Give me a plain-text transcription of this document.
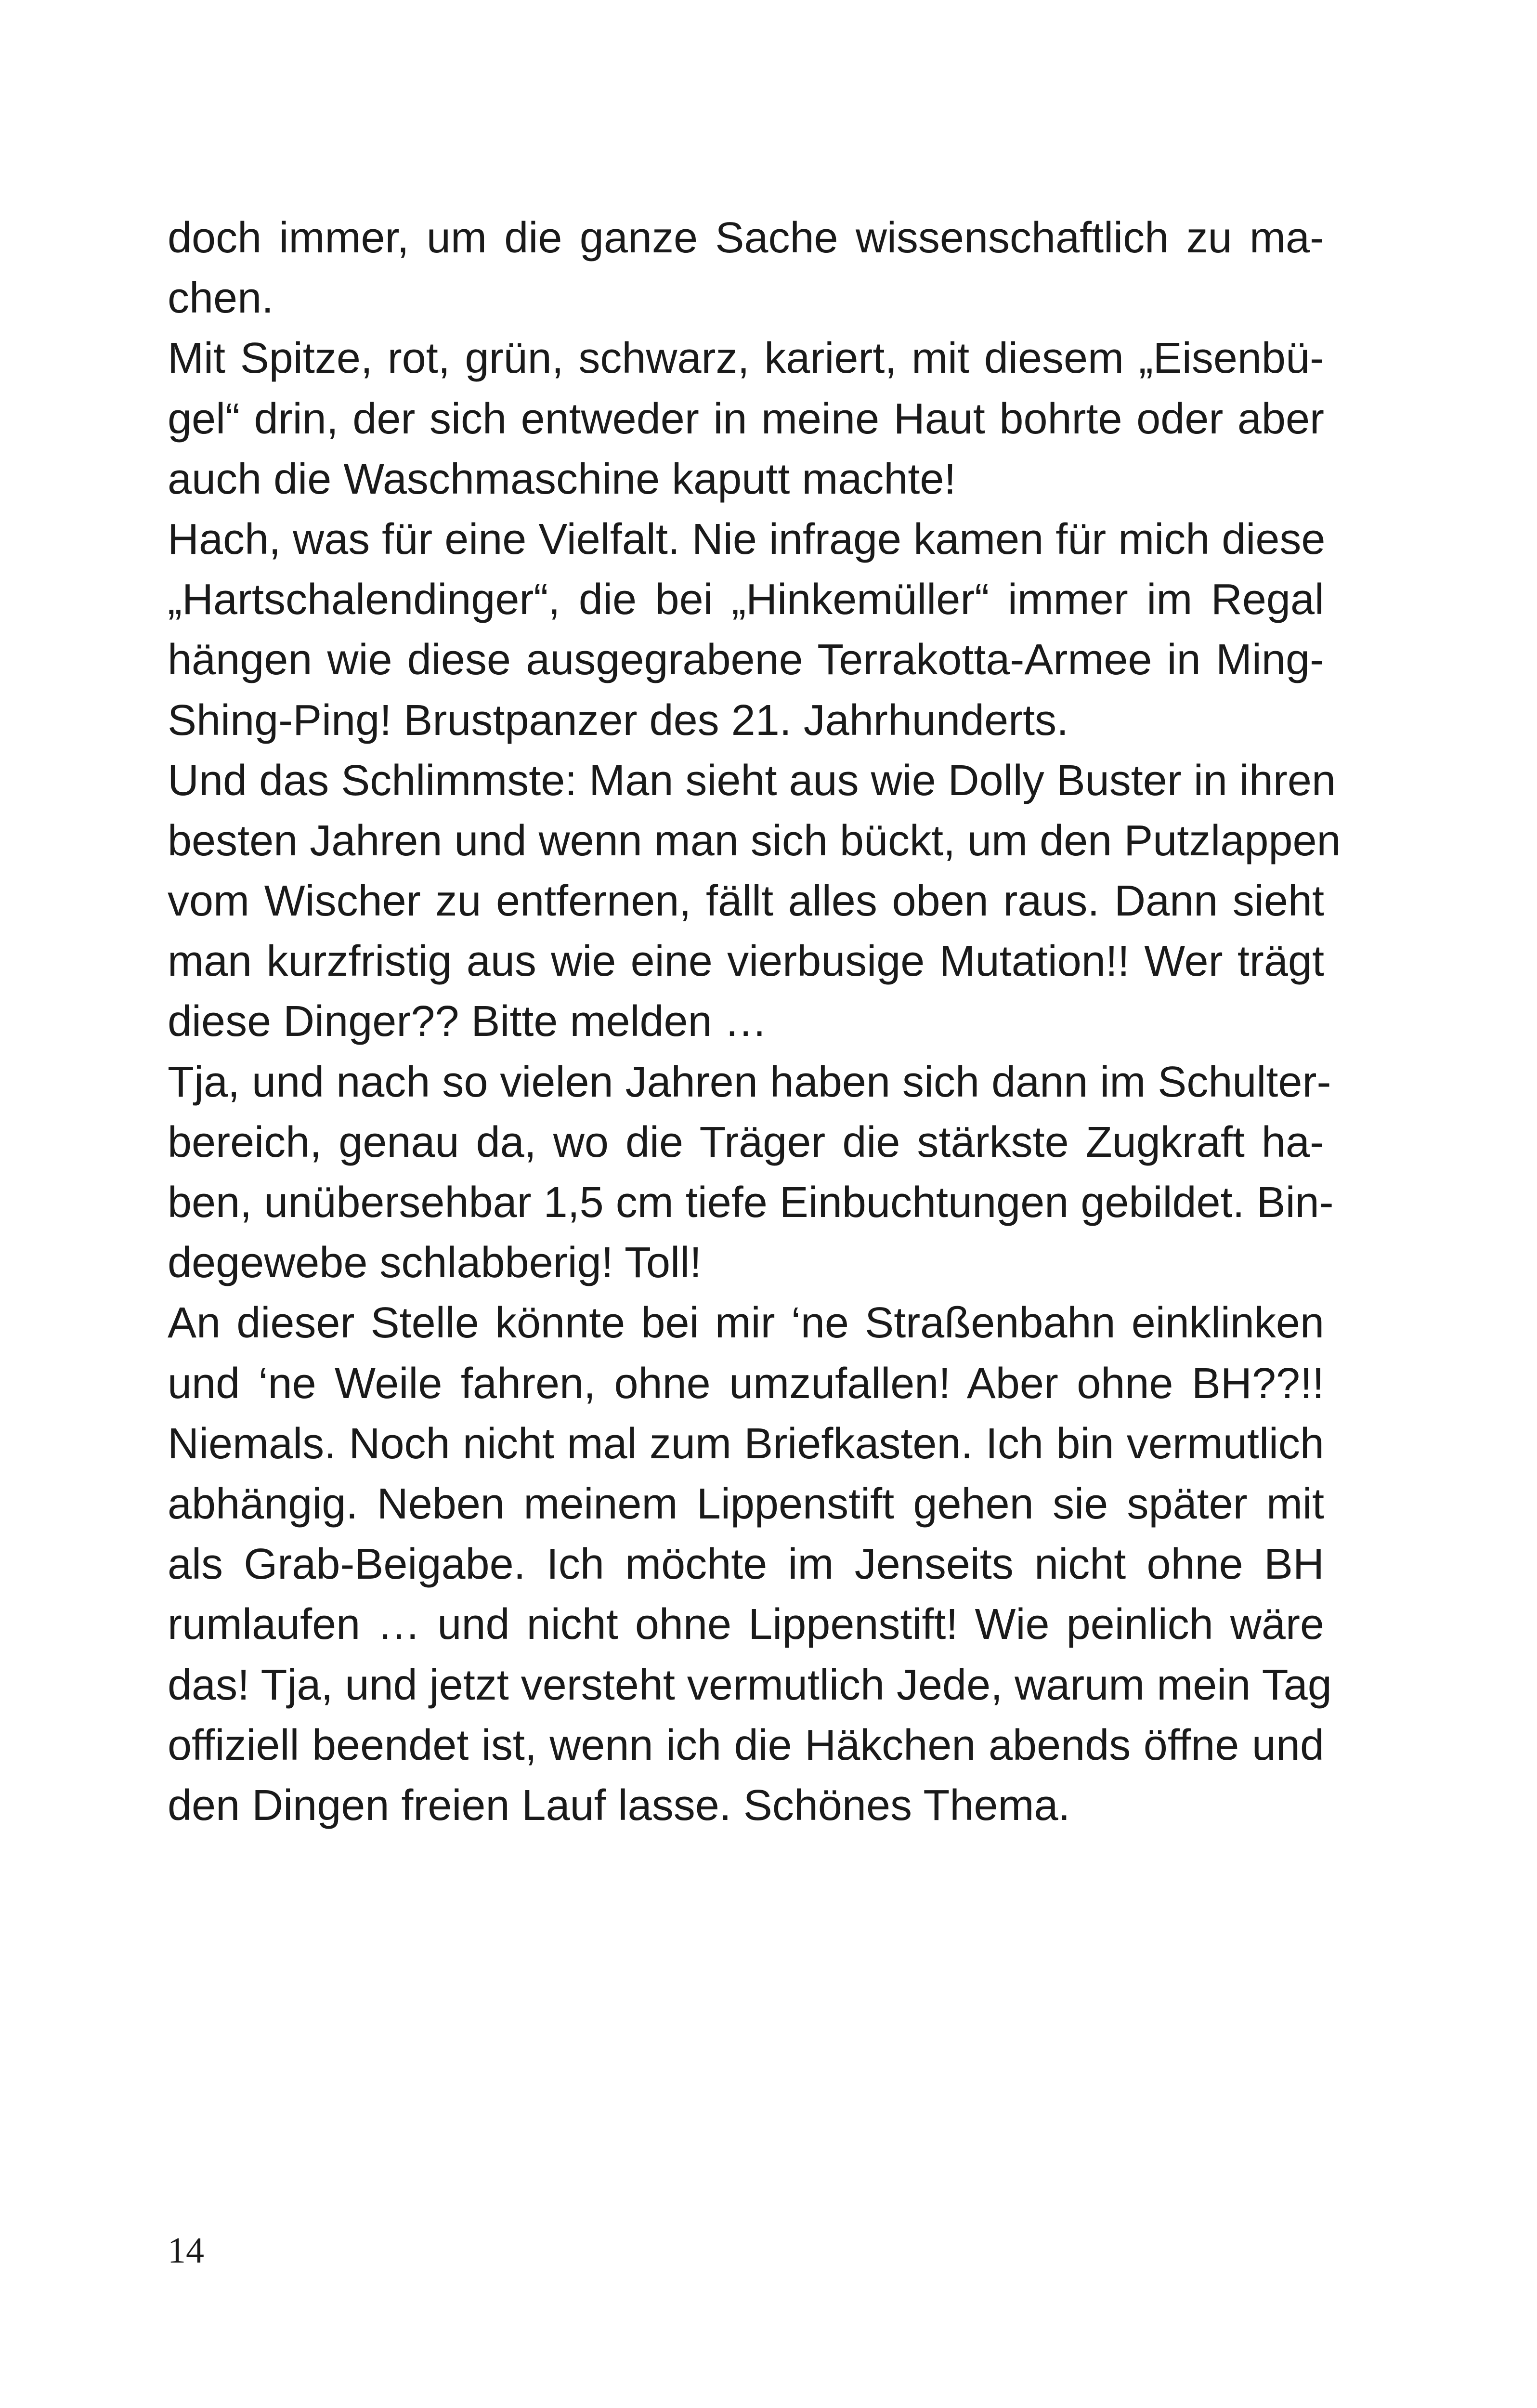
doch immer, um die ganze Sache wissenschaftlich zu ma-
chen.
Mit Spitze, rot, grün, schwarz, kariert, mit diesem „Eisenbü-
gel“ drin, der sich entweder in meine Haut bohrte oder aber
auch die Waschmaschine kaputt machte!
Hach, was für eine Vielfalt. Nie infrage kamen für mich diese
„Hartschalendinger“, die bei „Hinkemüller“ immer im Regal
hängen wie diese ausgegrabene Terrakotta-Armee in Ming-
Shing-Ping! Brustpanzer des 21. Jahrhunderts.
Und das Schlimmste: Man sieht aus wie Dolly Buster in ihren
besten Jahren und wenn man sich bückt, um den Putzlappen
vom Wischer zu entfernen, fällt alles oben raus. Dann sieht
man kurzfristig aus wie eine vierbusige Mutation!! Wer trägt
diese Dinger?? Bitte melden …
Tja, und nach so vielen Jahren haben sich dann im Schulter-
bereich, genau da, wo die Träger die stärkste Zugkraft ha-
ben, unübersehbar 1,5 cm tiefe Einbuchtungen gebildet. Bin-
degewebe schlabberig! Toll!
An dieser Stelle könnte bei mir ‘ne Straßenbahn einklinken
und ‘ne Weile fahren, ohne umzufallen! Aber ohne BH??!!
Niemals. Noch nicht mal zum Briefkasten. Ich bin vermutlich
abhängig. Neben meinem Lippenstift gehen sie später mit
als Grab-Beigabe. Ich möchte im Jenseits nicht ohne BH
rumlaufen … und nicht ohne Lippenstift! Wie peinlich wäre
das! Tja, und jetzt versteht vermutlich Jede, warum mein Tag
offiziell beendet ist, wenn ich die Häkchen abends öffne und
den Dingen freien Lauf lasse. Schönes Thema.
14
